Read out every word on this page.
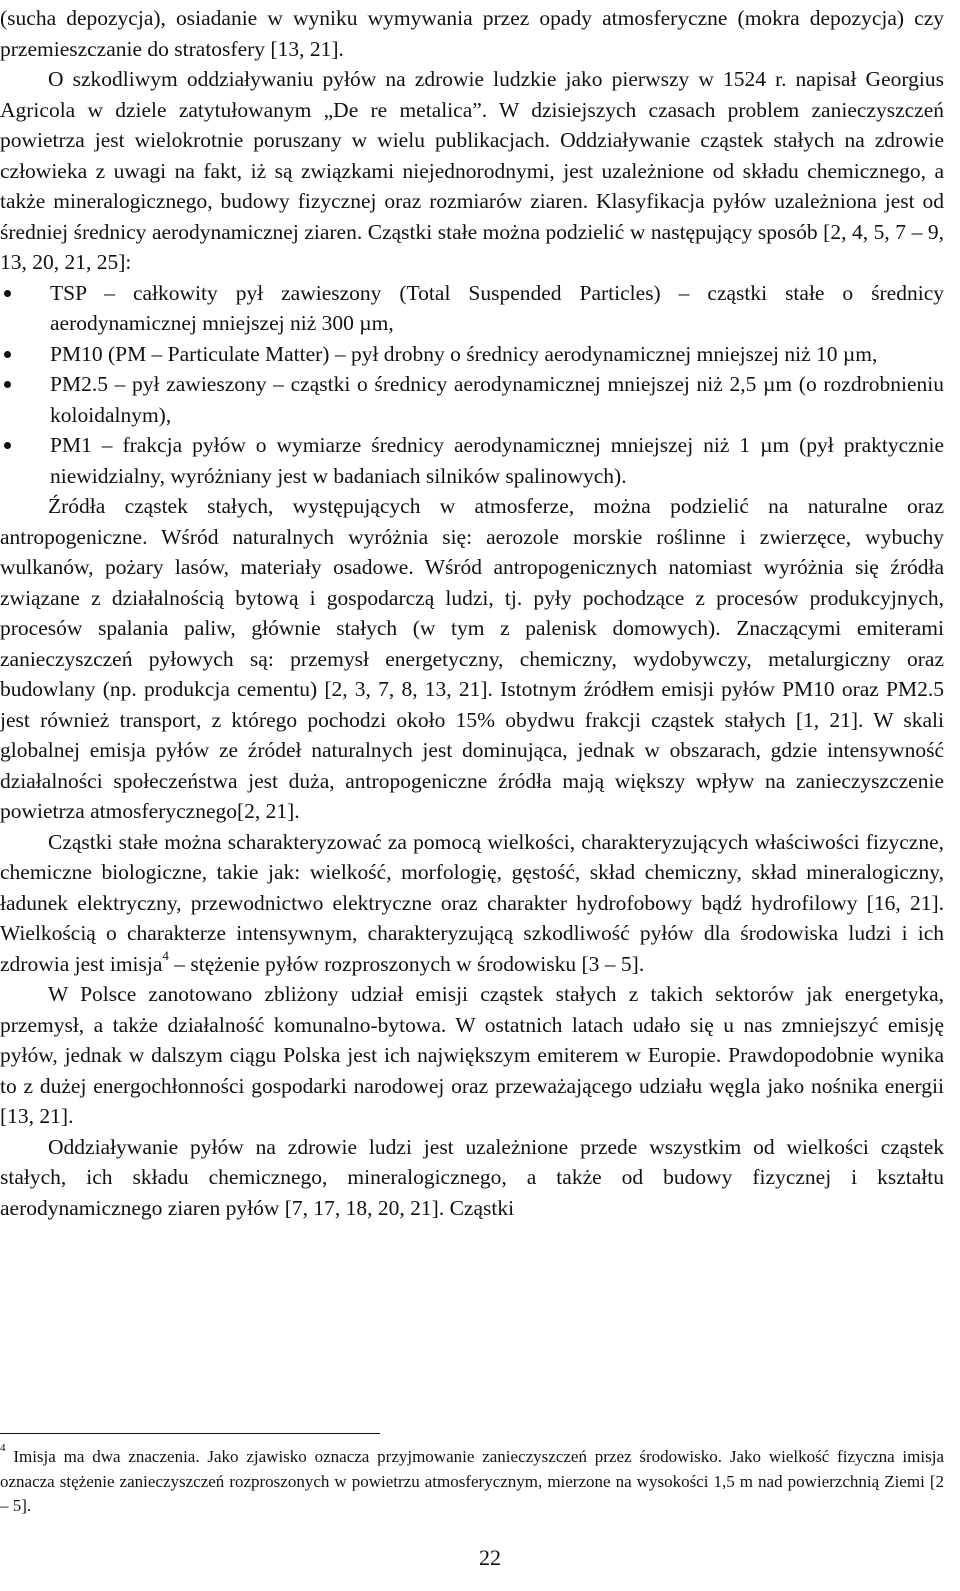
(sucha depozycja), osiadanie w wyniku wymywania przez opady atmosferyczne (mokra depozycja) czy przemieszczanie do stratosfery [13, 21].

O szkodliwym oddziaływaniu pyłów na zdrowie ludzkie jako pierwszy w 1524 r. napisał Georgius Agricola w dziele zatytułowanym „De re metalica”. W dzisiejszych czasach problem zanieczyszczeń powietrza jest wielokrotnie poruszany w wielu publikacjach. Oddziaływanie cząstek stałych na zdrowie człowieka z uwagi na fakt, iż są związkami niejednorodnymi, jest uzależnione od składu chemicznego, a także mineralogicznego, budowy fizycznej oraz rozmiarów ziaren. Klasyfikacja pyłów uzależniona jest od średniej średnicy aerodynamicznej ziaren. Cząstki stałe można podzielić w następujący sposób [2, 4, 5, 7 – 9, 13, 20, 21, 25]:

TSP – całkowity pył zawieszony (Total Suspended Particles) – cząstki stałe o średnicy aerodynamicznej mniejszej niż 300 µm,
PM10 (PM – Particulate Matter) – pył drobny o średnicy aerodynamicznej mniejszej niż 10 µm,
PM2.5 – pył zawieszony – cząstki o średnicy aerodynamicznej mniejszej niż 2,5 µm (o rozdrobnieniu koloidalnym),
PM1 – frakcja pyłów o wymiarze średnicy aerodynamicznej mniejszej niż 1 µm (pył praktycznie niewidzialny, wyróżniany jest w badaniach silników spalinowych).

Źródła cząstek stałych, występujących w atmosferze, można podzielić na naturalne oraz antropogeniczne. Wśród naturalnych wyróżnia się: aerozole morskie roślinne i zwierzęce, wybuchy wulkanów, pożary lasów, materiały osadowe. Wśród antropogenicznych natomiast wyróżnia się źródła związane z działalnością bytową i gospodarczą ludzi, tj. pyły pochodzące z procesów produkcyjnych, procesów spalania paliw, głównie stałych (w tym z palenisk domowych). Znaczącymi emiterami zanieczyszczeń pyłowych są: przemysł energetyczny, chemiczny, wydobywczy, metalurgiczny oraz budowlany (np. produkcja cementu) [2, 3, 7, 8, 13, 21]. Istotnym źródłem emisji pyłów PM10 oraz PM2.5 jest również transport, z którego pochodzi około 15% obydwu frakcji cząstek stałych [1, 21]. W skali globalnej emisja pyłów ze źródeł naturalnych jest dominująca, jednak w obszarach, gdzie intensywność działalności społeczeństwa jest duża, antropogeniczne źródła mają większy wpływ na zanieczyszczenie powietrza atmosferycznego[2, 21].

Cząstki stałe można scharakteryzować za pomocą wielkości, charakteryzujących właściwości fizyczne, chemiczne biologiczne, takie jak: wielkość, morfologię, gęstość, skład chemiczny, skład mineralogiczny, ładunek elektryczny, przewodnictwo elektryczne oraz charakter hydrofobowy bądź hydrofilowy [16, 21]. Wielkością o charakterze intensywnym, charakteryzującą szkodliwość pyłów dla środowiska ludzi i ich zdrowia jest imisja$^4$ – stężenie pyłów rozproszonych w środowisku [3 – 5].

W Polsce zanotowano zbliżony udział emisji cząstek stałych z takich sektorów jak energetyka, przemysł, a także działalność komunalno-bytowa. W ostatnich latach udało się u nas zmniejszyć emisję pyłów, jednak w dalszym ciągu Polska jest ich największym emiterem w Europie. Prawdopodobnie wynika to z dużej energochłonności gospodarki narodowej oraz przeważającego udziału węgla jako nośnika energii [13, 21].

Oddziaływanie pyłów na zdrowie ludzi jest uzależnione przede wszystkim od wielkości cząstek stałych, ich składu chemicznego, mineralogicznego, a także od budowy fizycznej i kształtu aerodynamicznego ziaren pyłów [7, 17, 18, 20, 21]. Cząstki

$^4$ Imisja ma dwa znaczenia. Jako zjawisko oznacza przyjmowanie zanieczyszczeń przez środowisko. Jako wielkość fizyczna imisja oznacza stężenie zanieczyszczeń rozproszonych w powietrzu atmosferycznym, mierzone na wysokości 1,5 m nad powierzchnią Ziemi [2 – 5].
22
